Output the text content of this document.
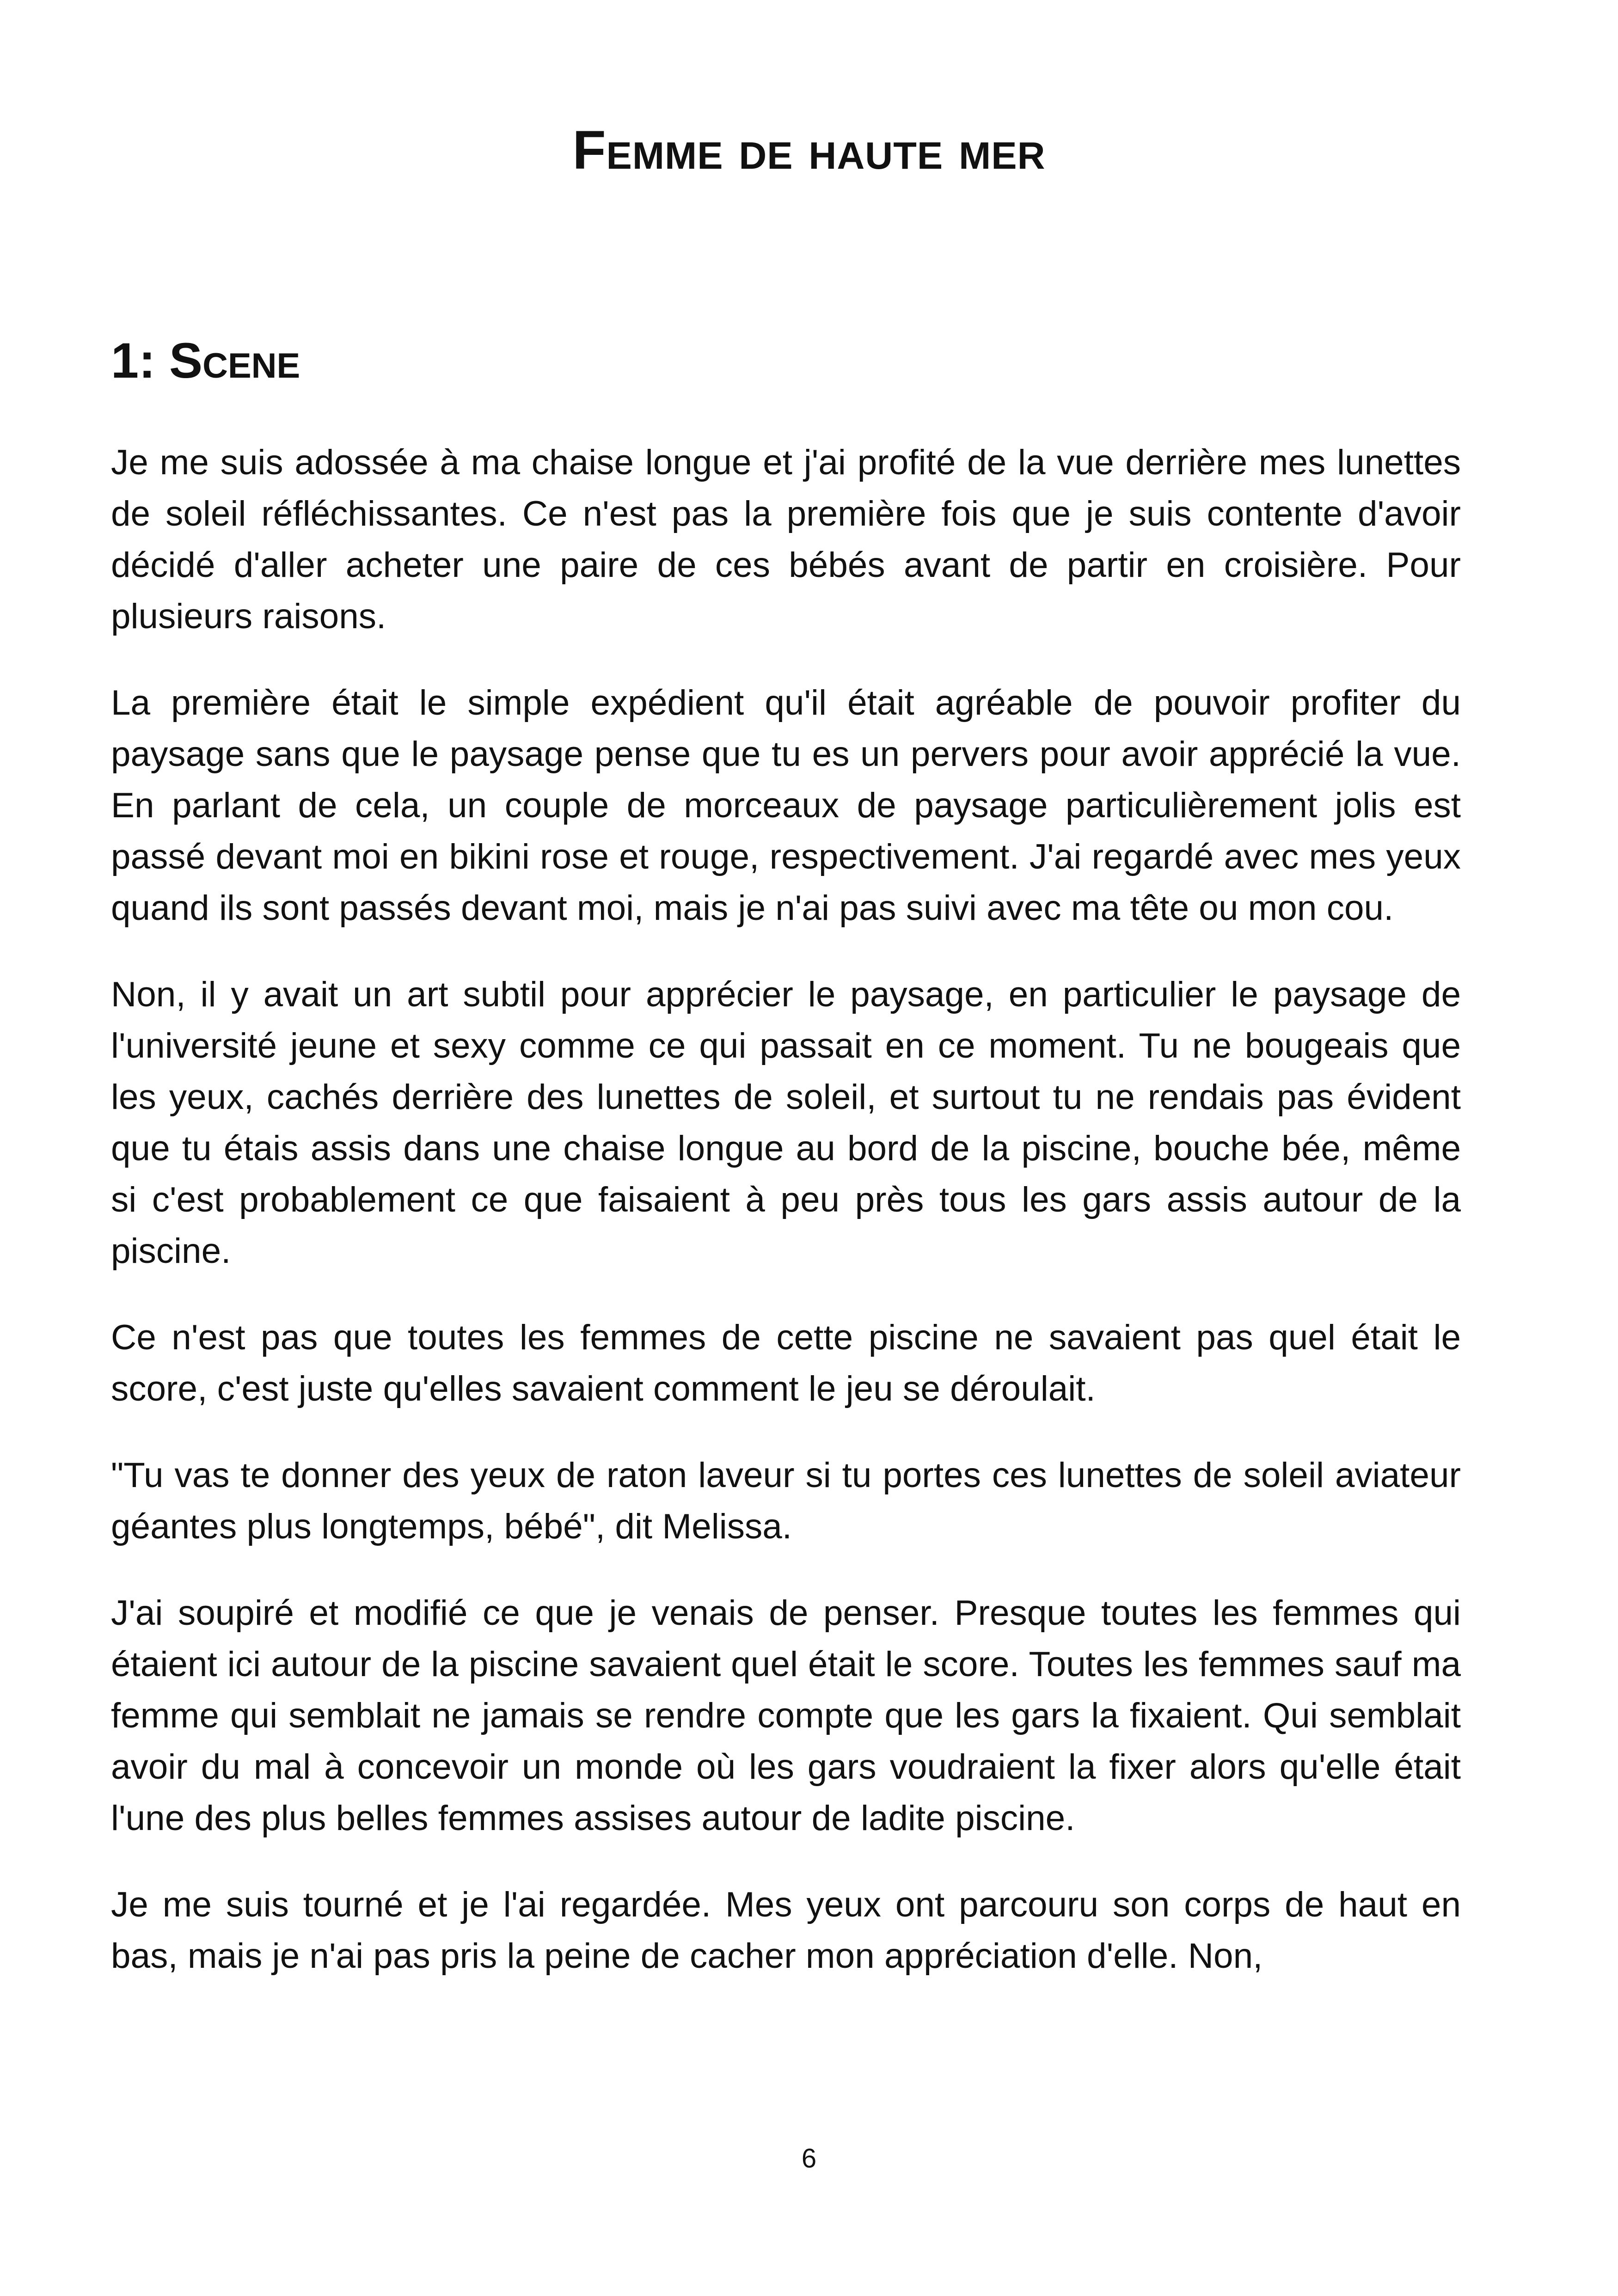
Femme de haute mer
1: Scene

Je me suis adossée à ma chaise longue et j'ai profité de la vue derrière mes lunettes de soleil réfléchissantes. Ce n'est pas la première fois que je suis contente d'avoir décidé d'aller acheter une paire de ces bébés avant de partir en croisière. Pour plusieurs raisons.

La première était le simple expédient qu'il était agréable de pouvoir profiter du paysage sans que le paysage pense que tu es un pervers pour avoir apprécié la vue. En parlant de cela, un couple de morceaux de paysage particulièrement jolis est passé devant moi en bikini rose et rouge, respectivement. J'ai regardé avec mes yeux quand ils sont passés devant moi, mais je n'ai pas suivi avec ma tête ou mon cou.

Non, il y avait un art subtil pour apprécier le paysage, en particulier le paysage de l'université jeune et sexy comme ce qui passait en ce moment. Tu ne bougeais que les yeux, cachés derrière des lunettes de soleil, et surtout tu ne rendais pas évident que tu étais assis dans une chaise longue au bord de la piscine, bouche bée, même si c'est probablement ce que faisaient à peu près tous les gars assis autour de la piscine.

Ce n'est pas que toutes les femmes de cette piscine ne savaient pas quel était le score, c'est juste qu'elles savaient comment le jeu se déroulait.

"Tu vas te donner des yeux de raton laveur si tu portes ces lunettes de soleil aviateur géantes plus longtemps, bébé", dit Melissa.

J'ai soupiré et modifié ce que je venais de penser. Presque toutes les femmes qui étaient ici autour de la piscine savaient quel était le score. Toutes les femmes sauf ma femme qui semblait ne jamais se rendre compte que les gars la fixaient. Qui semblait avoir du mal à concevoir un monde où les gars voudraient la fixer alors qu'elle était l'une des plus belles femmes assises autour de ladite piscine.

Je me suis tourné et je l'ai regardée. Mes yeux ont parcouru son corps de haut en bas, mais je n'ai pas pris la peine de cacher mon appréciation d'elle. Non,

6
